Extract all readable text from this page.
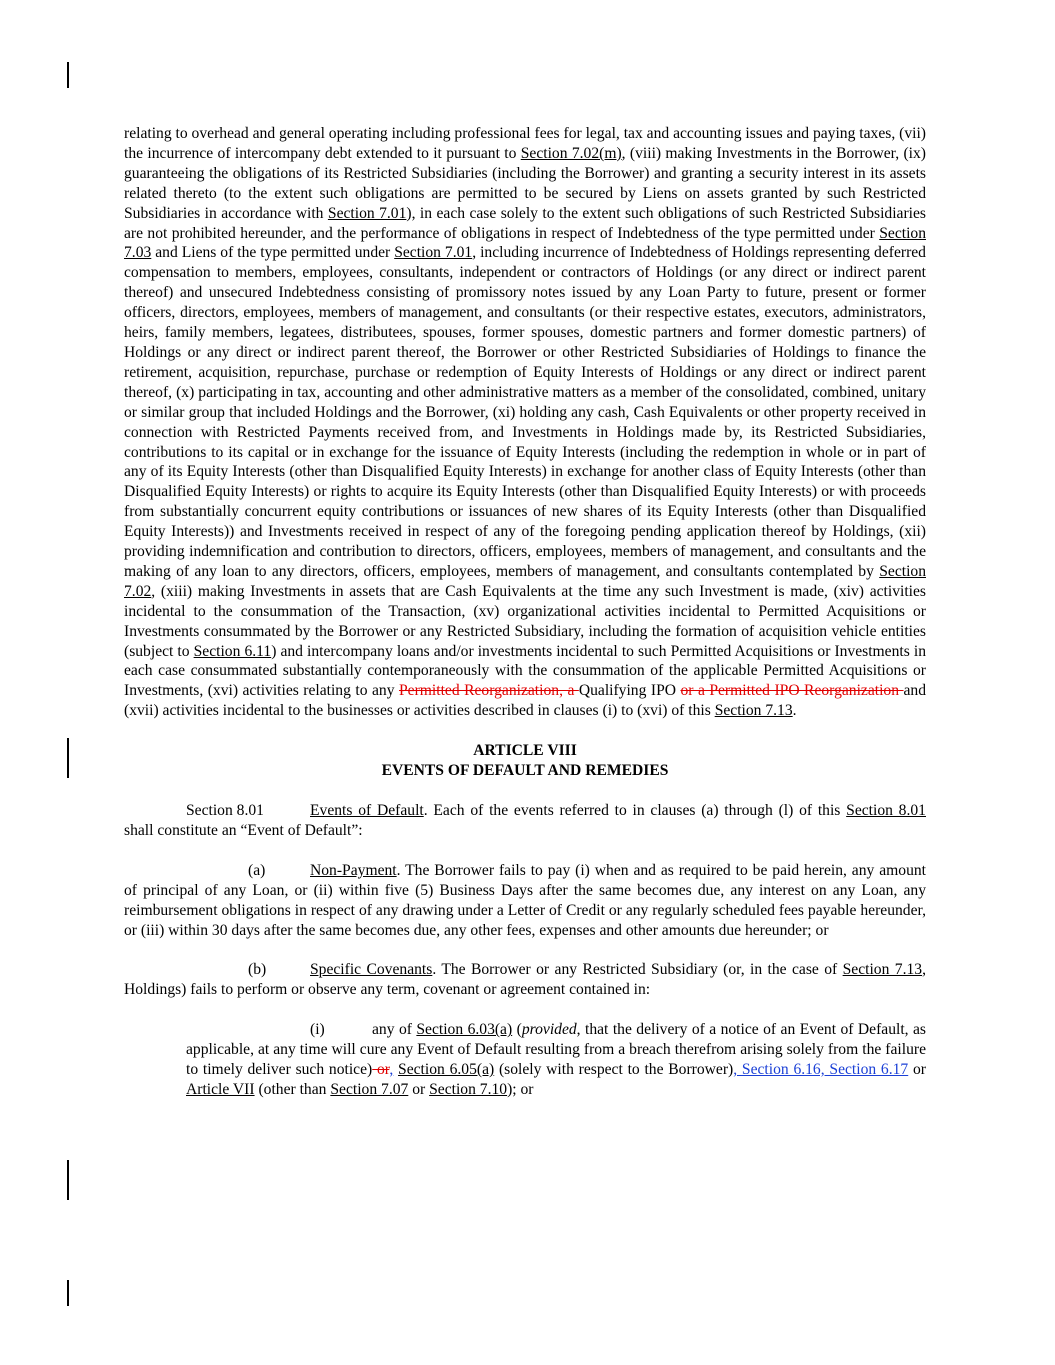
relating to overhead and general operating including professional fees for legal, tax and accounting issues and paying taxes, (vii) the incurrence of intercompany debt extended to it pursuant to Section 7.02(m), (viii) making Investments in the Borrower, (ix) guaranteeing the obligations of its Restricted Subsidiaries (including the Borrower) and granting a security interest in its assets related thereto (to the extent such obligations are permitted to be secured by Liens on assets granted by such Restricted Subsidiaries in accordance with Section 7.01), in each case solely to the extent such obligations of such Restricted Subsidiaries are not prohibited hereunder, and the performance of obligations in respect of Indebtedness of the type permitted under Section 7.03 and Liens of the type permitted under Section 7.01, including incurrence of Indebtedness of Holdings representing deferred compensation to members, employees, consultants, independent or contractors of Holdings (or any direct or indirect parent thereof) and unsecured Indebtedness consisting of promissory notes issued by any Loan Party to future, present or former officers, directors, employees, members of management, and consultants (or their respective estates, executors, administrators, heirs, family members, legatees, distributees, spouses, former spouses, domestic partners and former domestic partners) of Holdings or any direct or indirect parent thereof, the Borrower or other Restricted Subsidiaries of Holdings to finance the retirement, acquisition, repurchase, purchase or redemption of Equity Interests of Holdings or any direct or indirect parent thereof, (x) participating in tax, accounting and other administrative matters as a member of the consolidated, combined, unitary or similar group that included Holdings and the Borrower, (xi) holding any cash, Cash Equivalents or other property received in connection with Restricted Payments received from, and Investments in Holdings made by, its Restricted Subsidiaries, contributions to its capital or in exchange for the issuance of Equity Interests (including the redemption in whole or in part of any of its Equity Interests (other than Disqualified Equity Interests) in exchange for another class of Equity Interests (other than Disqualified Equity Interests) or rights to acquire its Equity Interests (other than Disqualified Equity Interests) or with proceeds from substantially concurrent equity contributions or issuances of new shares of its Equity Interests (other than Disqualified Equity Interests)) and Investments received in respect of any of the foregoing pending application thereof by Holdings, (xii) providing indemnification and contribution to directors, officers, employees, members of management, and consultants and the making of any loan to any directors, officers, employees, members of management, and consultants contemplated by Section 7.02, (xiii) making Investments in assets that are Cash Equivalents at the time any such Investment is made, (xiv) activities incidental to the consummation of the Transaction, (xv) organizational activities incidental to Permitted Acquisitions or Investments consummated by the Borrower or any Restricted Subsidiary, including the formation of acquisition vehicle entities (subject to Section 6.11) and intercompany loans and/or investments incidental to such Permitted Acquisitions or Investments in each case consummated substantially contemporaneously with the consummation of the applicable Permitted Acquisitions or Investments, (xvi) activities relating to any Permitted Reorganization, a Qualifying IPO or a Permitted IPO Reorganization and (xvii) activities incidental to the businesses or activities described in clauses (i) to (xvi) of this Section 7.13.

ARTICLE VIII

EVENTS OF DEFAULT AND REMEDIES

Section 8.01	Events of Default. Each of the events referred to in clauses (a) through (l) of this Section 8.01 shall constitute an “Event of Default”:

(a)	Non-Payment. The Borrower fails to pay (i) when and as required to be paid herein, any amount of principal of any Loan, or (ii) within five (5) Business Days after the same becomes due, any interest on any Loan, any reimbursement obligations in respect of any drawing under a Letter of Credit or any regularly scheduled fees payable hereunder, or (iii) within 30 days after the same becomes due, any other fees, expenses and other amounts due hereunder; or

(b)	Specific Covenants. The Borrower or any Restricted Subsidiary (or, in the case of Section 7.13, Holdings) fails to perform or observe any term, covenant or agreement contained in:

(i)	any of Section 6.03(a) (provided, that the delivery of a notice of an Event of Default, as applicable, at any time will cure any Event of Default resulting from a breach therefrom arising solely from the failure to timely deliver such notice) or, Section 6.05(a) (solely with respect to the Borrower), Section 6.16, Section 6.17 or Article VII (other than Section 7.07 or Section 7.10); or
